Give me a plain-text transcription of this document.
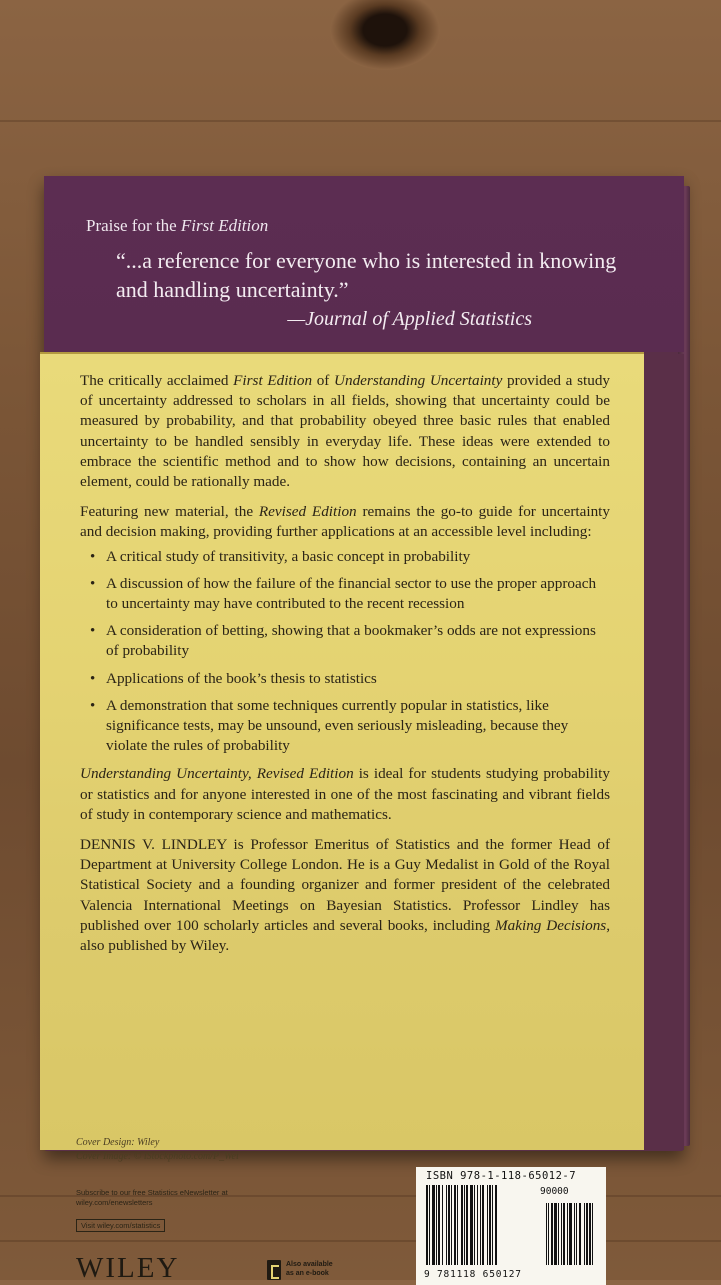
Praise for the First Edition
“...a reference for everyone who is interested in knowing and handling uncertainty.”
—Journal of Applied Statistics

The critically acclaimed First Edition of Understanding Uncertainty provided a study of uncertainty addressed to scholars in all fields, showing that uncertainty could be measured by probability, and that probability obeyed three basic rules that enabled uncertainty to be handled sensibly in everyday life. These ideas were extended to embrace the scientific method and to show how decisions, containing an uncertain element, could be rationally made.

Featuring new material, the Revised Edition remains the go-to guide for uncertainty and decision making, providing further applications at an accessible level including:

• A critical study of transitivity, a basic concept in probability
• A discussion of how the failure of the financial sector to use the proper approach to uncertainty may have contributed to the recent recession
• A consideration of betting, showing that a bookmaker’s odds are not expressions of probability
• Applications of the book’s thesis to statistics
• A demonstration that some techniques currently popular in statistics, like significance tests, may be unsound, even seriously misleading, because they violate the rules of probability

Understanding Uncertainty, Revised Edition is ideal for students studying probability or statistics and for anyone interested in one of the most fascinating and vibrant fields of study in contemporary science and mathematics.

DENNIS V. LINDLEY is Professor Emeritus of Statistics and the former Head of Department at University College London. He is a Guy Medalist in Gold of the Royal Statistical Society and a founding organizer and former president of the celebrated Valencia International Meetings on Bayesian Statistics. Professor Lindley has published over 100 scholarly articles and several books, including Making Decisions, also published by Wiley.

Cover Design: Wiley
Cover Image: © iStockphoto.com/P_Wei
Subscribe to our free Statistics eNewsletter at
wiley.com/enewsletters
Visit wiley.com/statistics
WILEY	Also available
as an e-book
ISBN 978-1-118-65012-7
90000
9 781118 650127
